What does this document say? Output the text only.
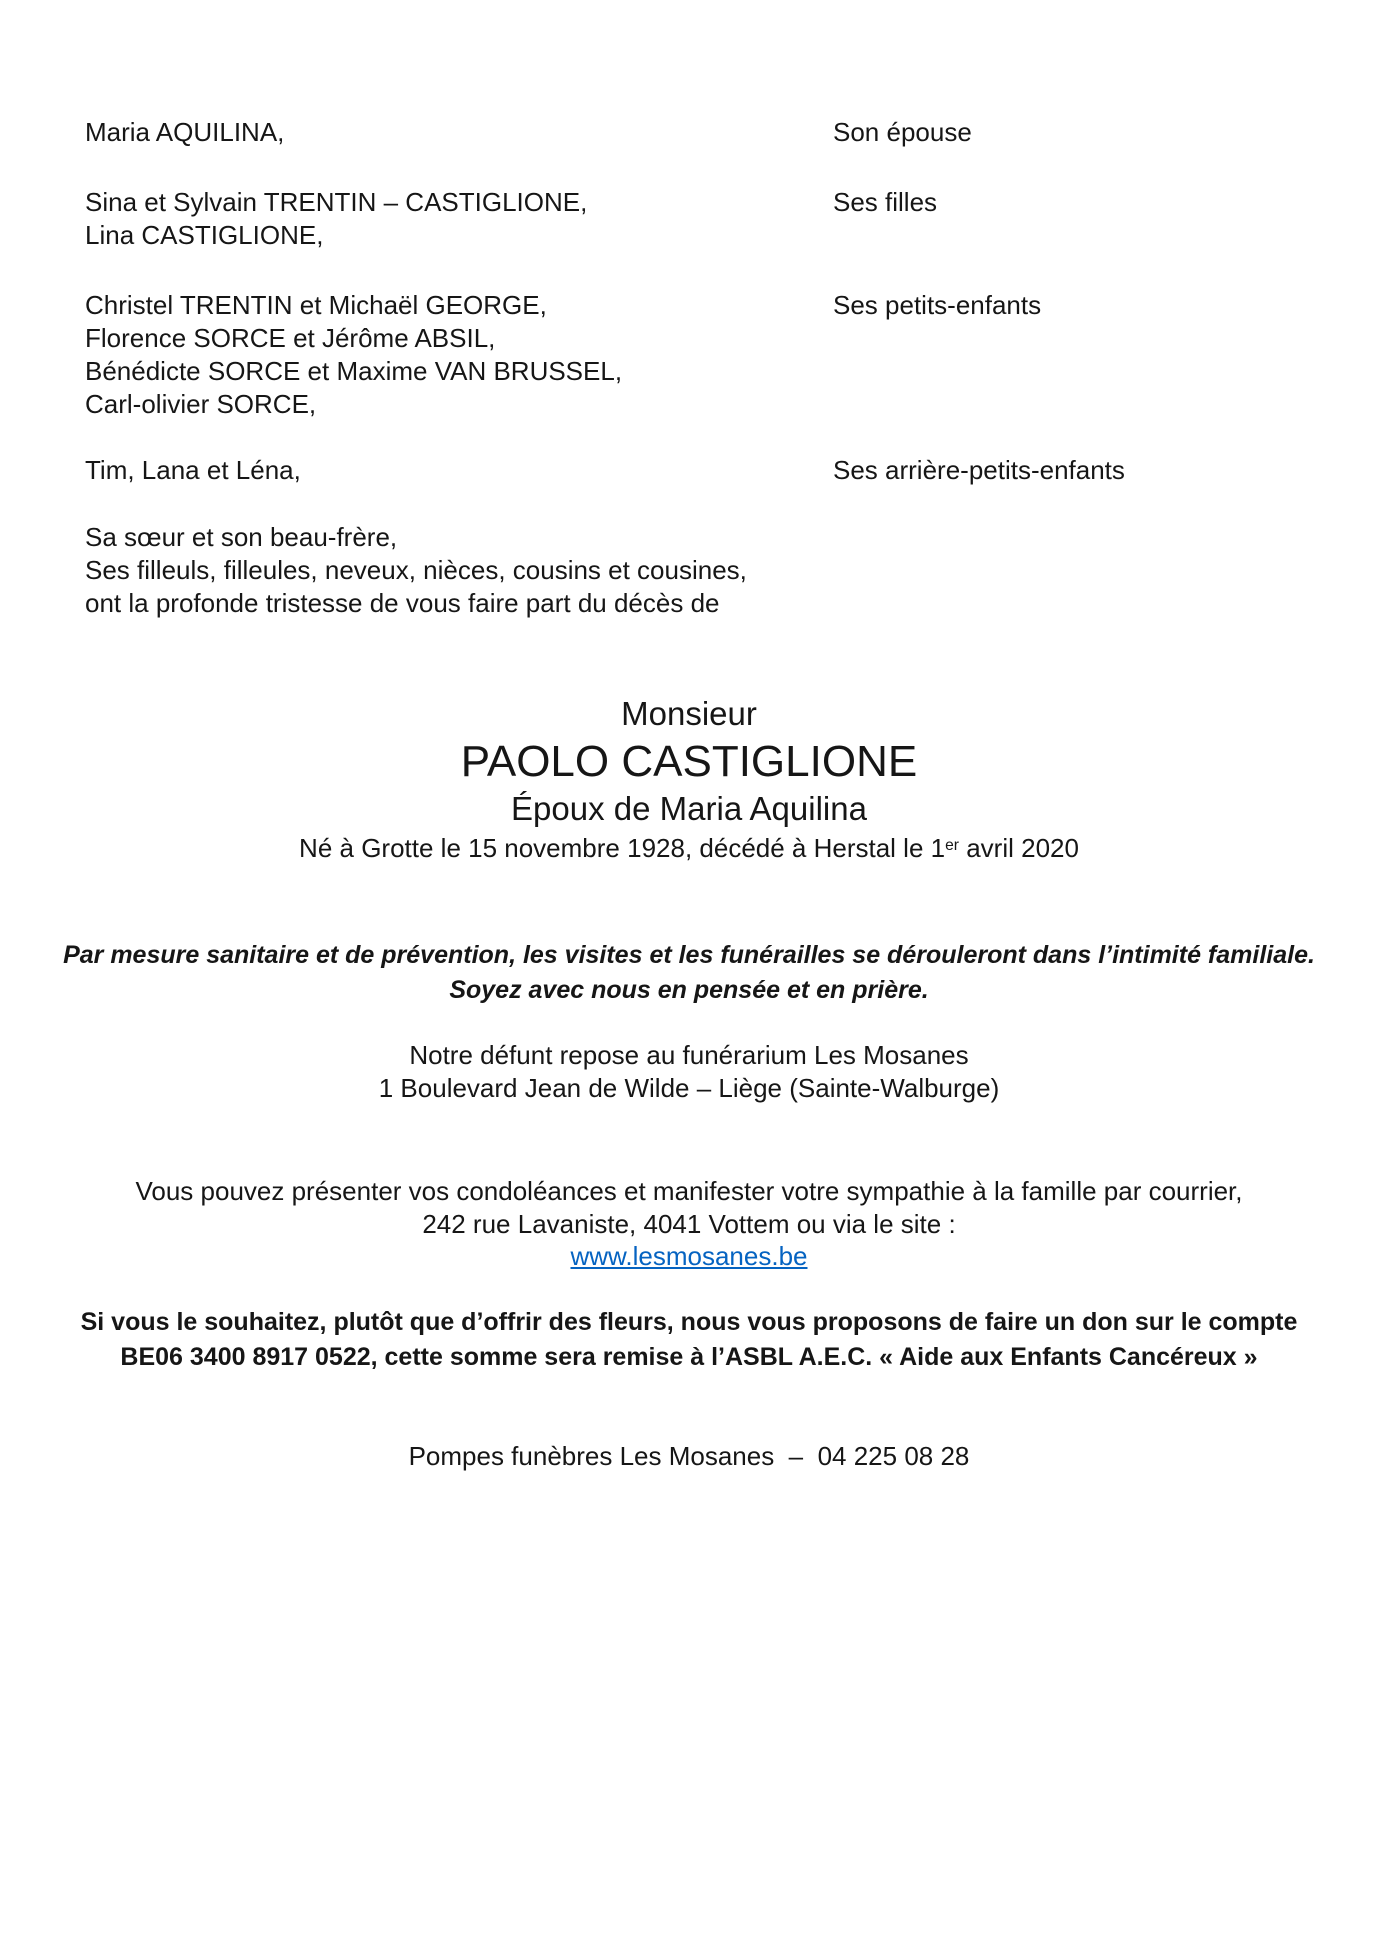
Maria AQUILINA,	Son épouse
Sina et Sylvain TRENTIN – CASTIGLIONE,
Lina CASTIGLIONE,
Ses filles
Christel TRENTIN et Michaël GEORGE,
Florence SORCE et Jérôme ABSIL,
Bénédicte SORCE et Maxime VAN BRUSSEL,
Carl-olivier SORCE,
Ses petits-enfants
Tim, Lana et Léna,	Ses arrière-petits-enfants
Sa sœur et son beau-frère,
Ses filleuls, filleules, neveux, nièces, cousins et cousines,
ont la profonde tristesse de vous faire part du décès de
Monsieur
PAOLO CASTIGLIONE
Époux de Maria Aquilina
Né à Grotte le 15 novembre 1928, décédé à Herstal le 1er avril 2020
Par mesure sanitaire et de prévention, les visites et les funérailles se dérouleront dans l’intimité familiale.
Soyez avec nous en pensée et en prière.
Notre défunt repose au funérarium Les Mosanes
1 Boulevard Jean de Wilde – Liège (Sainte-Walburge)
Vous pouvez présenter vos condoléances et manifester votre sympathie à la famille par courrier,
242 rue Lavaniste, 4041 Vottem ou via le site :
www.lesmosanes.be
Si vous le souhaitez, plutôt que d’offrir des fleurs, nous vous proposons de faire un don sur le compte
BE06 3400 8917 0522, cette somme sera remise à l’ASBL A.E.C. « Aide aux Enfants Cancéreux »
Pompes funèbres Les Mosanes  –  04 225 08 28
